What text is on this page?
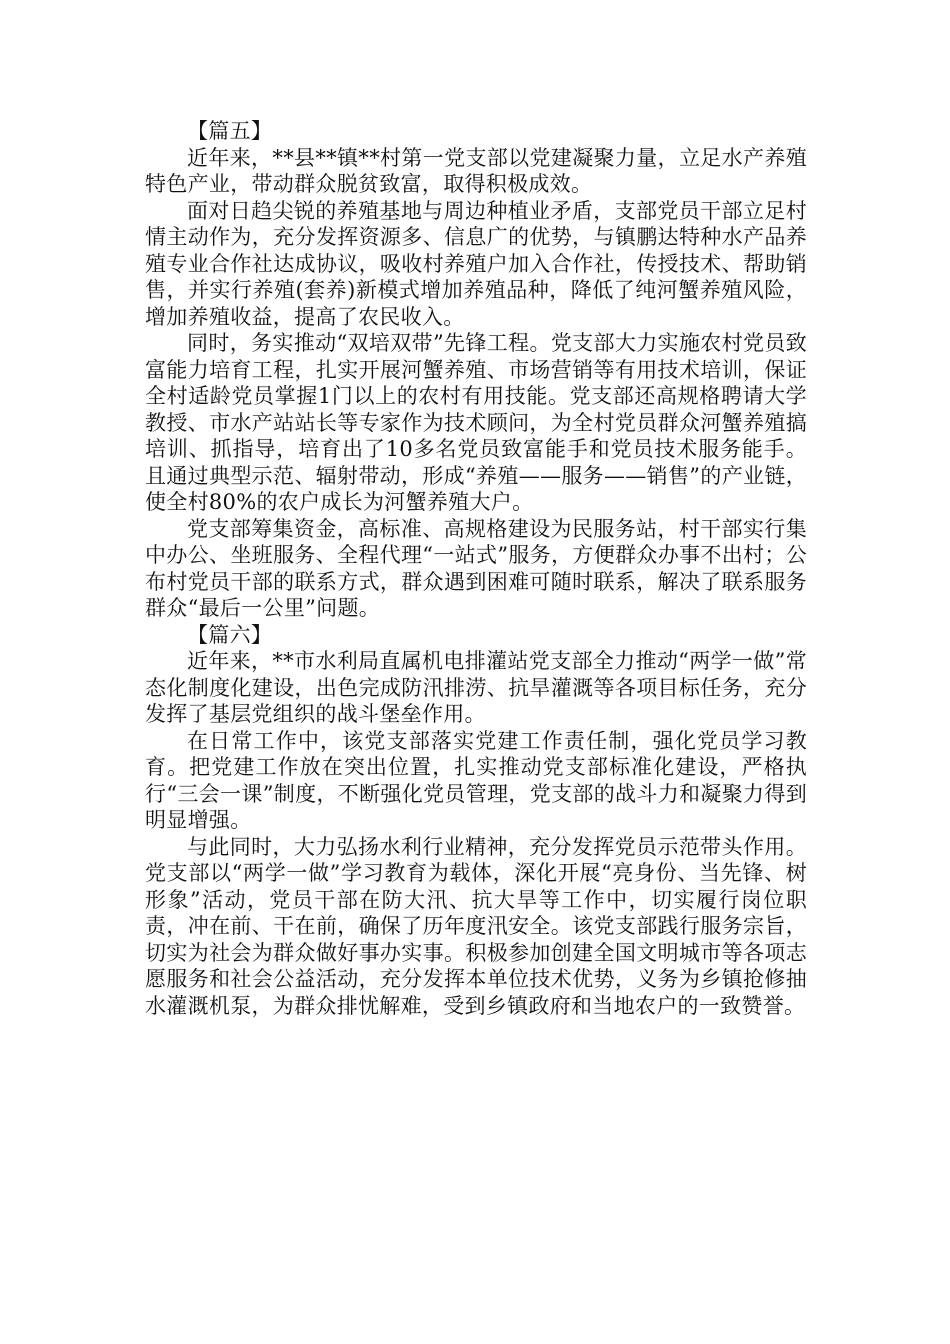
【篇五】

近年来，**县**镇**村第一党支部以党建凝聚力量，立足水产养殖特色产业，带动群众脱贫致富，取得积极成效。

面对日趋尖锐的养殖基地与周边种植业矛盾，支部党员干部立足村情主动作为，充分发挥资源多、信息广的优势，与镇鹏达特种水产品养殖专业合作社达成协议，吸收村养殖户加入合作社，传授技术、帮助销售，并实行养殖(套养)新模式增加养殖品种，降低了纯河蟹养殖风险，增加养殖收益，提高了农民收入。

同时，务实推动“双培双带”先锋工程。党支部大力实施农村党员致富能力培育工程，扎实开展河蟹养殖、市场营销等有用技术培训，保证全村适龄党员掌握1门以上的农村有用技能。党支部还高规格聘请大学教授、市水产站站长等专家作为技术顾问，为全村党员群众河蟹养殖搞培训、抓指导，培育出了10多名党员致富能手和党员技术服务能手。且通过典型示范、辐射带动，形成“养殖——服务——销售”的产业链，使全村80%的农户成长为河蟹养殖大户。

党支部筹集资金，高标准、高规格建设为民服务站，村干部实行集中办公、坐班服务、全程代理“一站式”服务，方便群众办事不出村；公布村党员干部的联系方式，群众遇到困难可随时联系，解决了联系服务群众“最后一公里”问题。

【篇六】

近年来，**市水利局直属机电排灌站党支部全力推动“两学一做”常态化制度化建设，出色完成防汛排涝、抗旱灌溉等各项目标任务，充分发挥了基层党组织的战斗堡垒作用。

在日常工作中，该党支部落实党建工作责任制，强化党员学习教育。把党建工作放在突出位置，扎实推动党支部标准化建设，严格执行“三会一课”制度，不断强化党员管理，党支部的战斗力和凝聚力得到明显增强。

与此同时，大力弘扬水利行业精神，充分发挥党员示范带头作用。党支部以“两学一做”学习教育为载体，深化开展“亮身份、当先锋、树形象”活动，党员干部在防大汛、抗大旱等工作中，切实履行岗位职责，冲在前、干在前，确保了历年度汛安全。该党支部践行服务宗旨，切实为社会为群众做好事办实事。积极参加创建全国文明城市等各项志愿服务和社会公益活动，充分发挥本单位技术优势，义务为乡镇抢修抽水灌溉机泵，为群众排忧解难，受到乡镇政府和当地农户的一致赞誉。
